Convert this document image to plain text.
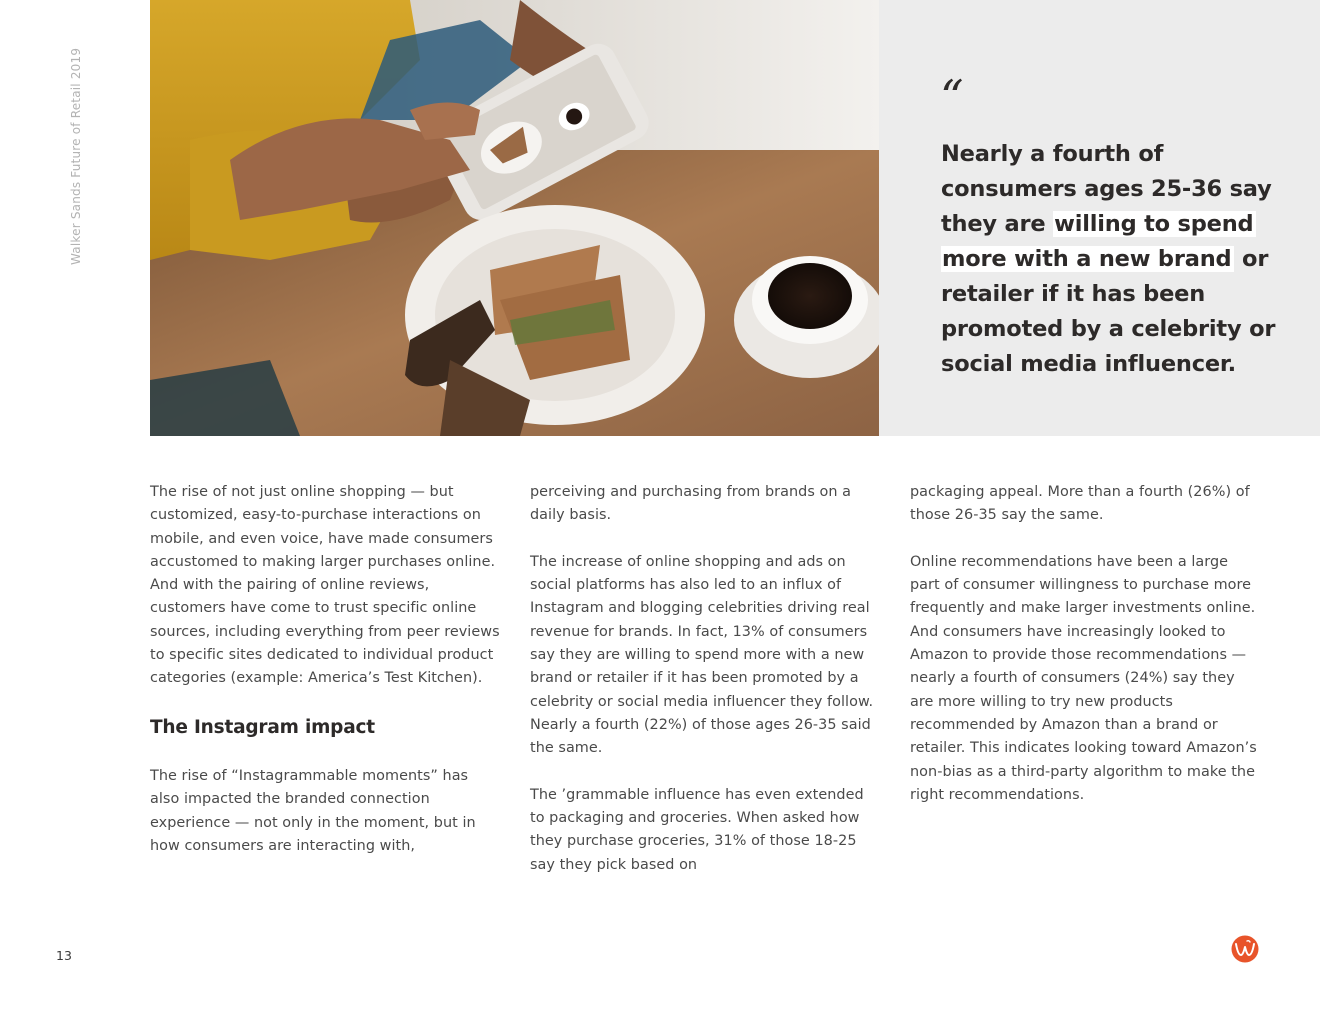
Walker Sands Future of Retail 2019	“
Nearly a fourth of consumers ages 25-36 say they are willing to spend more with a new brand or retailer if it has been promoted by a celebrity or social media influencer.

The rise of not just online shopping — but customized, easy-to-purchase interactions on mobile, and even voice, have made consumers accustomed to making larger purchases online. And with the pairing of online reviews, customers have come to trust specific online sources, including everything from peer reviews to specific sites dedicated to individual product categories (example: America’s Test Kitchen).

The Instagram impact

The rise of “Instagrammable moments” has also impacted the branded connection experience — not only in the moment, but in how consumers are interacting with,

perceiving and purchasing from brands on a daily basis.

The increase of online shopping and ads on social platforms has also led to an influx of Instagram and blogging celebrities driving real revenue for brands. In fact, 13% of consumers say they are willing to spend more with a new brand or retailer if it has been promoted by a celebrity or social media influencer they follow. Nearly a fourth (22%) of those ages 26-35 said the same.

The ’grammable influence has even extended to packaging and groceries. When asked how they purchase groceries, 31% of those 18-25 say they pick based on

packaging appeal. More than a fourth (26%) of those 26-35 say the same.

Online recommendations have been a large part of consumer willingness to purchase more frequently and make larger investments online. And consumers have increasingly looked to Amazon to provide those recommendations — nearly a fourth of consumers (24%) say they are more willing to try new products recommended by Amazon than a brand or retailer. This indicates looking toward Amazon’s non-bias as a third-party algorithm to make the right recommendations.

13
